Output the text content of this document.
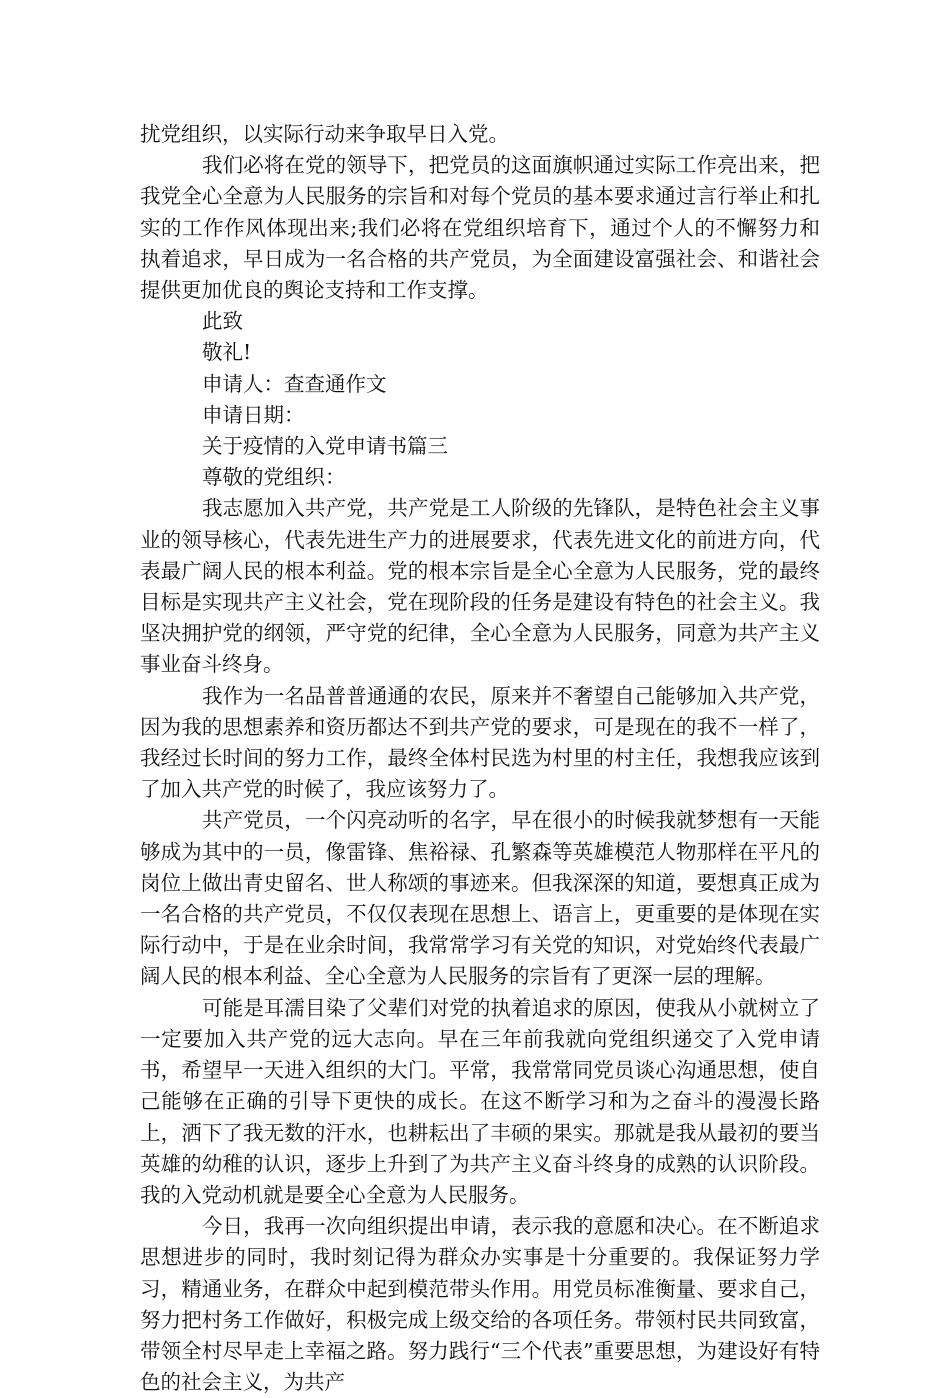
扰党组织，以实际行动来争取早日入党。

我们必将在党的领导下，把党员的这面旗帜通过实际工作亮出来，把我党全心全意为人民服务的宗旨和对每个党员的基本要求通过言行举止和扎实的工作作风体现出来;我们必将在党组织培育下，通过个人的不懈努力和执着追求，早日成为一名合格的共产党员，为全面建设富强社会、和谐社会提供更加优良的舆论支持和工作支撑。

此致

敬礼!

申请人：查查通作文

申请日期：

关于疫情的入党申请书篇三

尊敬的党组织：

我志愿加入共产党，共产党是工人阶级的先锋队，是特色社会主义事业的领导核心，代表先进生产力的进展要求，代表先进文化的前进方向，代表最广阔人民的根本利益。党的根本宗旨是全心全意为人民服务，党的最终目标是实现共产主义社会，党在现阶段的任务是建设有特色的社会主义。我坚决拥护党的纲领，严守党的纪律，全心全意为人民服务，同意为共产主义事业奋斗终身。

我作为一名品普普通通的农民，原来并不奢望自己能够加入共产党，因为我的思想素养和资历都达不到共产党的要求，可是现在的我不一样了，我经过长时间的努力工作，最终全体村民选为村里的村主任，我想我应该到了加入共产党的时候了，我应该努力了。

共产党员，一个闪亮动听的名字，早在很小的时候我就梦想有一天能够成为其中的一员，像雷锋、焦裕禄、孔繁森等英雄模范人物那样在平凡的岗位上做出青史留名、世人称颂的事迹来。但我深深的知道，要想真正成为一名合格的共产党员，不仅仅表现在思想上、语言上，更重要的是体现在实际行动中，于是在业余时间，我常常学习有关党的知识，对党始终代表最广阔人民的根本利益、全心全意为人民服务的宗旨有了更深一层的理解。

可能是耳濡目染了父辈们对党的执着追求的原因，使我从小就树立了一定要加入共产党的远大志向。早在三年前我就向党组织递交了入党申请书，希望早一天进入组织的大门。平常，我常常同党员谈心沟通思想，使自己能够在正确的引导下更快的成长。在这不断学习和为之奋斗的漫漫长路上，洒下了我无数的汗水，也耕耘出了丰硕的果实。那就是我从最初的要当英雄的幼稚的认识，逐步上升到了为共产主义奋斗终身的成熟的认识阶段。我的入党动机就是要全心全意为人民服务。

今日，我再一次向组织提出申请，表示我的意愿和决心。在不断追求思想进步的同时，我时刻记得为群众办实事是十分重要的。我保证努力学习，精通业务，在群众中起到模范带头作用。用党员标准衡量、要求自己，努力把村务工作做好，积极完成上级交给的各项任务。带领村民共同致富，带领全村尽早走上幸福之路。努力践行“三个代表”重要思想，为建设好有特色的社会主义，为共产
